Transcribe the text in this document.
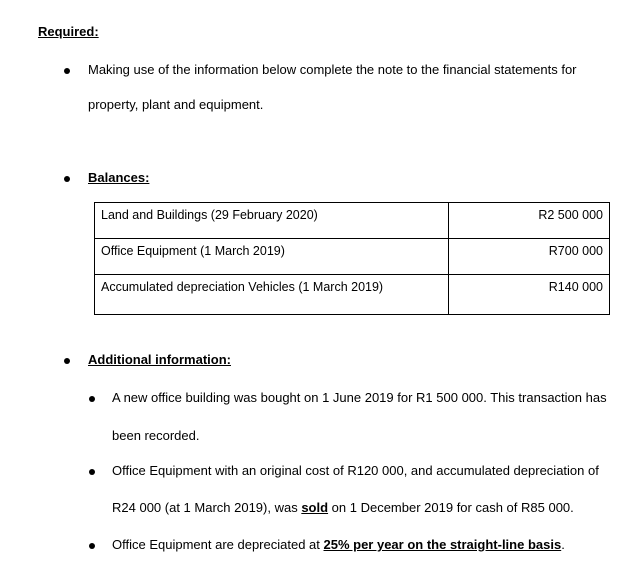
Required:
Making use of the information below complete the note to the financial statements for
property, plant and equipment.
Balances:
Land and Buildings (29 February 2020)	R2 500 000
Office Equipment (1 March 2019)	R700 000
Accumulated depreciation Vehicles (1 March 2019)	R140 000
Additional information:
A new office building was bought on 1 June 2019 for R1 500 000. This transaction has
been recorded.
Office Equipment with an original cost of R120 000, and accumulated depreciation of
R24 000 (at 1 March 2019), was sold on 1 December 2019 for cash of R85 000.
Office Equipment are depreciated at 25% per year on the straight-line basis.
